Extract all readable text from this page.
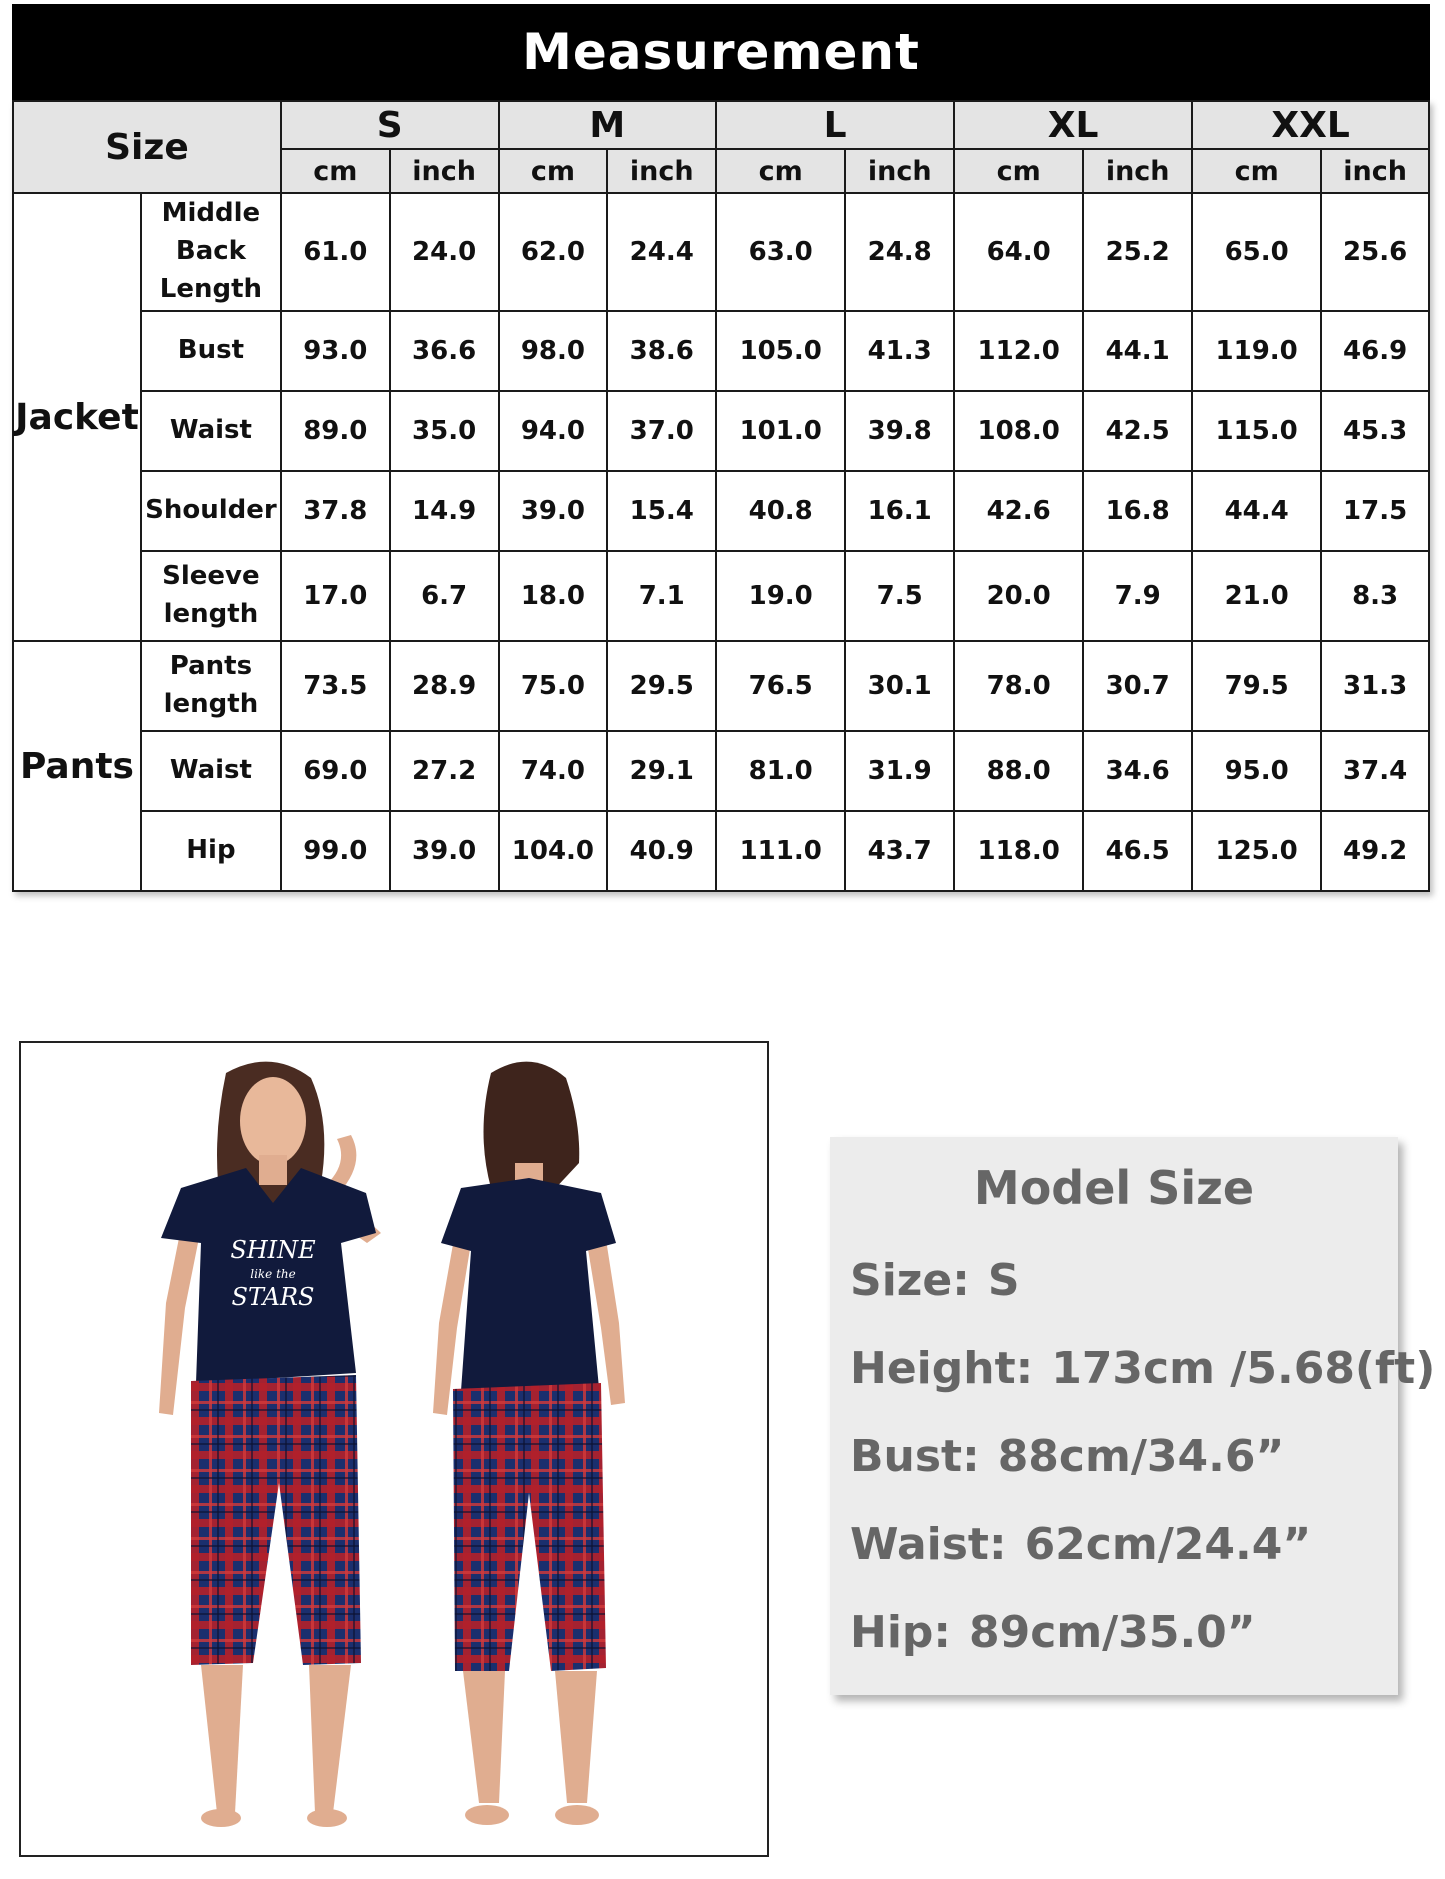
Measurement
Size		S		M		L		XL		XXL	
		cm	inch	cm	inch	cm	inch	cm	inch	cm	inch
Jacket	Middle
Back
Length	61.0	24.0	62.0	24.4	63.0	24.8	64.0	25.2	65.0	25.6

	Bust	93.0	36.6	98.0	38.6	105.0	41.3	112.0	44.1	119.0	46.9

	Waist	89.0	35.0	94.0	37.0	101.0	39.8	108.0	42.5	115.0	45.3

	Shoulder	37.8	14.9	39.0	15.4	40.8	16.1	42.6	16.8	44.4	17.5

	Sleeve
length	17.0	6.7	18.0	7.1	19.0	7.5	20.0	7.9	21.0	8.3
Pants	Pants
length	73.5	28.9	75.0	29.5	76.5	30.1	78.0	30.7	79.5	31.3

	Waist	69.0	27.2	74.0	29.1	81.0	31.9	88.0	34.6	95.0	37.4

	Hip	99.0	39.0	104.0	40.9	111.0	43.7	118.0	46.5	125.0	49.2
SHINE
like the
STARS
Model Size
Size: S
Height: 173cm /5.68(ft)
Bust: 88cm/34.6”
Waist: 62cm/24.4”
Hip: 89cm/35.0”
